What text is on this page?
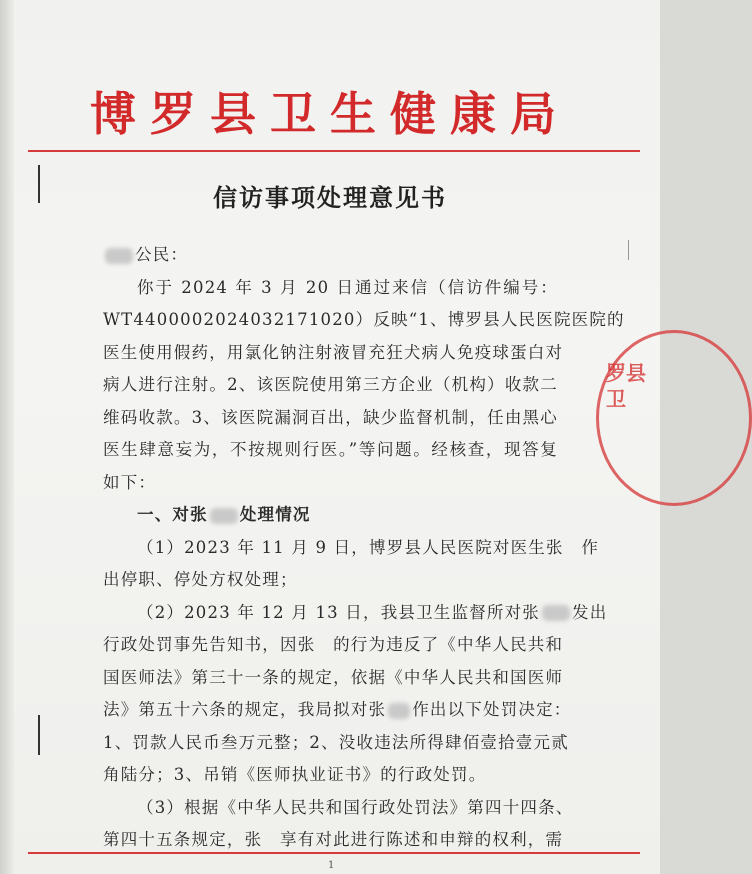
博罗县卫生健康局
信访事项处理意见书
罗县卫
公民：
你于 2024 年 3 月 20 日通过来信（信访件编号：
WT4400002024032171020）反映“1、博罗县人民医院医院的
医生使用假药，用氯化钠注射液冒充狂犬病人免疫球蛋白对
病人进行注射。2、该医院使用第三方企业（机构）收款二
维码收款。3、该医院漏洞百出，缺少监督机制，任由黑心
医生肆意妄为，不按规则行医。”等问题。经核查，现答复
如下：
一、对张 处理情况
（1）2023 年 11 月 9 日，博罗县人民医院对医生张　作
出停职、停处方权处理；
（2）2023 年 12 月 13 日，我县卫生监督所对张 发出
行政处罚事先告知书，因张　的行为违反了《中华人民共和
国医师法》第三十一条的规定，依据《中华人民共和国医师
法》第五十六条的规定，我局拟对张 作出以下处罚决定：
1、罚款人民币叁万元整；2、没收违法所得肆佰壹拾壹元贰
角陆分；3、吊销《医师执业证书》的行政处罚。
（3）根据《中华人民共和国行政处罚法》第四十四条、
第四十五条规定，张　享有对此进行陈述和申辩的权利，需
1
